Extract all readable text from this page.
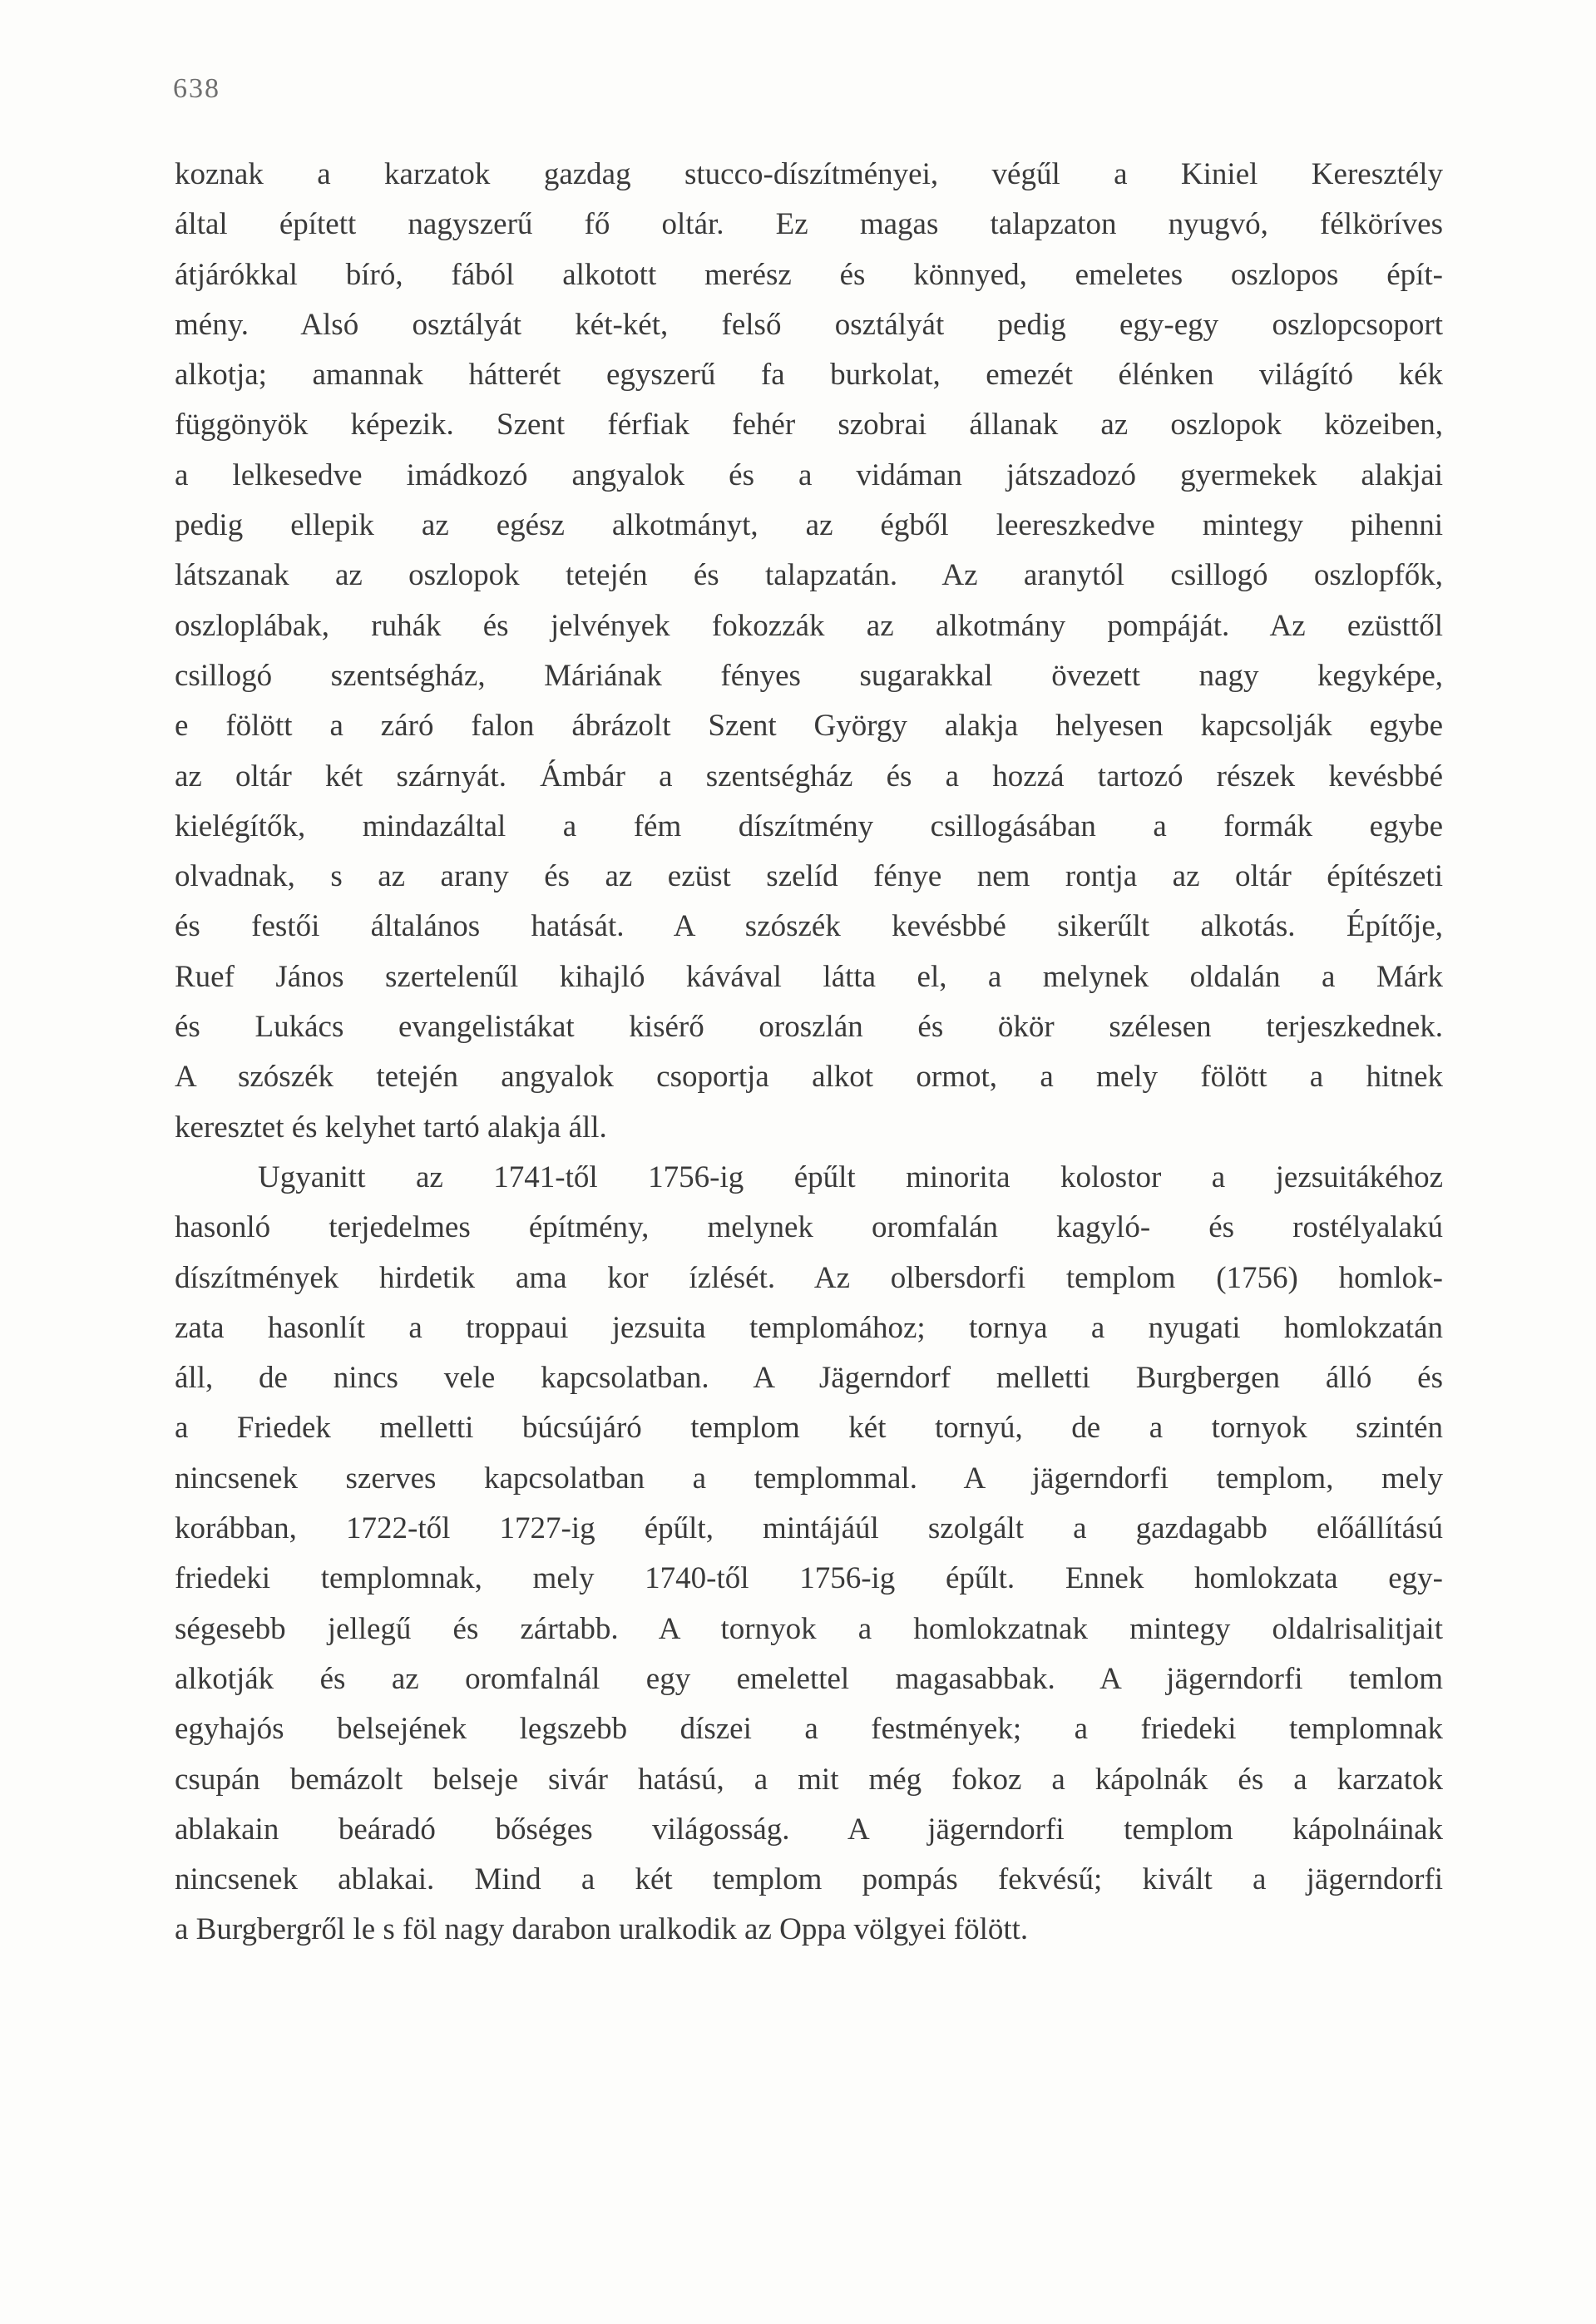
638

koznak a karzatok gazdag stucco-díszítményei, végűl a Kiniel Keresztély
által épített nagyszerű fő oltár. Ez magas talapzaton nyugvó, félköríves
átjárókkal bíró, fából alkotott merész és könnyed, emeletes oszlopos épít-
mény. Alsó osztályát két-két, felső osztályát pedig egy-egy oszlopcsoport
alkotja; amannak hátterét egyszerű fa burkolat, emezét élénken világító kék
függönyök képezik. Szent férfiak fehér szobrai állanak az oszlopok közeiben,
a lelkesedve imádkozó angyalok és a vidáman játszadozó gyermekek alakjai
pedig ellepik az egész alkotmányt, az égből leereszkedve mintegy pihenni
látszanak az oszlopok tetején és talapzatán. Az aranytól csillogó oszlopfők,
oszloplábak, ruhák és jelvények fokozzák az alkotmány pompáját. Az ezüsttől
csillogó szentségház, Máriának fényes sugarakkal övezett nagy kegyképe,
e fölött a záró falon ábrázolt Szent György alakja helyesen kapcsolják egybe
az oltár két szárnyát. Ámbár a szentségház és a hozzá tartozó részek kevésbbé
kielégítők, mindazáltal a fém díszítmény csillogásában a formák egybe
olvadnak, s az arany és az ezüst szelíd fénye nem rontja az oltár építészeti
és festői általános hatását. A szószék kevésbbé sikerűlt alkotás. Építője,
Ruef János szertelenűl kihajló kávával látta el, a melynek oldalán a Márk
és Lukács evangelistákat kisérő oroszlán és ökör szélesen terjeszkednek.
A szószék tetején angyalok csoportja alkot ormot, a mely fölött a hitnek
keresztet és kelyhet tartó alakja áll.

Ugyanitt az 1741-től 1756-ig épűlt minorita kolostor a jezsuitákéhoz
hasonló terjedelmes építmény, melynek oromfalán kagyló- és rostélyalakú
díszítmények hirdetik ama kor ízlését. Az olbersdorfi templom (1756) homlok-
zata hasonlít a troppaui jezsuita templomához; tornya a nyugati homlokzatán
áll, de nincs vele kapcsolatban. A Jägerndorf melletti Burgbergen álló és
a Friedek melletti búcsújáró templom két tornyú, de a tornyok szintén
nincsenek szerves kapcsolatban a templommal. A jägerndorfi templom, mely
korábban, 1722-től 1727-ig épűlt, mintájáúl szolgált a gazdagabb előállítású
friedeki templomnak, mely 1740-től 1756-ig épűlt. Ennek homlokzata egy-
ségesebb jellegű és zártabb. A tornyok a homlokzatnak mintegy oldalrisalitjait
alkotják és az oromfalnál egy emelettel magasabbak. A jägerndorfi temlom
egyhajós belsejének legszebb díszei a festmények; a friedeki templomnak
csupán bemázolt belseje sivár hatású, a mit még fokoz a kápolnák és a karzatok
ablakain beáradó bőséges világosság. A jägerndorfi templom kápolnáinak
nincsenek ablakai. Mind a két templom pompás fekvésű; kivált a jägerndorfi
a Burgbergről le s föl nagy darabon uralkodik az Oppa völgyei fölött.
